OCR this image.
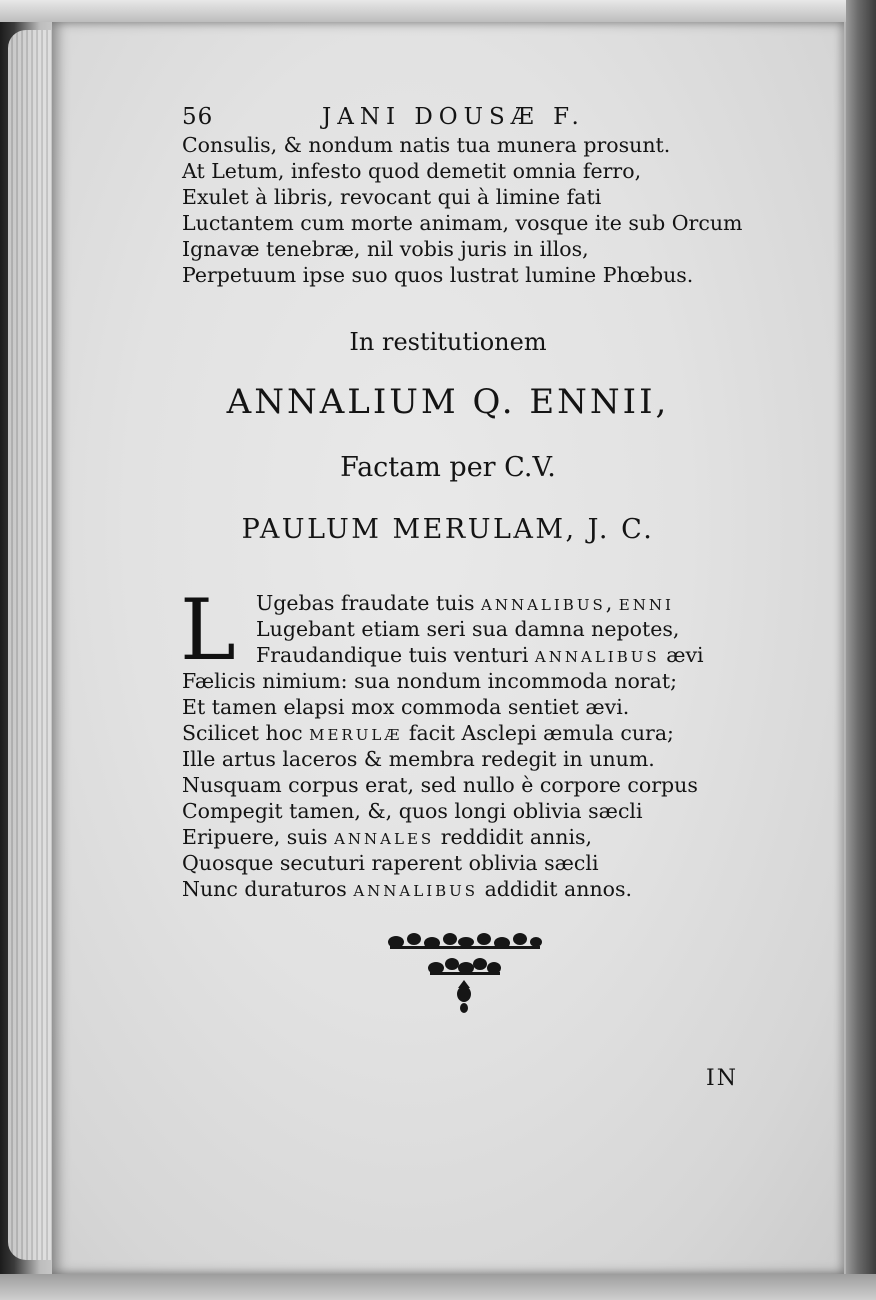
56	JANI DOUSÆ F.
Consulis, & nondum natis tua munera prosunt.
At Letum, infesto quod demetit omnia ferro,
Exulet à libris, revocant qui à limine fati
Luctantem cum morte animam, vosque ite sub Orcum
Ignavæ tenebræ, nil vobis juris in illos,
Perpetuum ipse suo quos lustrat lumine Phœbus.
In restitutionem
ANNALIUM Q. ENNII,
Factam per C.V.
PAULUM MERULAM, J. C.
L Ugebas fraudate tuis ANNALIBUS, ENNI
Lugebant etiam seri sua damna nepotes,
Fraudandique tuis venturi ANNALIBUS ævi
Fælicis nimium: sua nondum incommoda norat;
Et tamen elapsi mox commoda sentiet ævi.
Scilicet hoc MERULÆ facit Asclepi æmula cura;
Ille artus laceros & membra redegit in unum.
Nusquam corpus erat, sed nullo è corpore corpus
Compegit tamen, &, quos longi oblivia sæcli
Eripuere, suis ANNALES reddidit annis,
Quosque secuturi raperent oblivia sæcli
Nunc duraturos ANNALIBUS addidit annos.
IN
